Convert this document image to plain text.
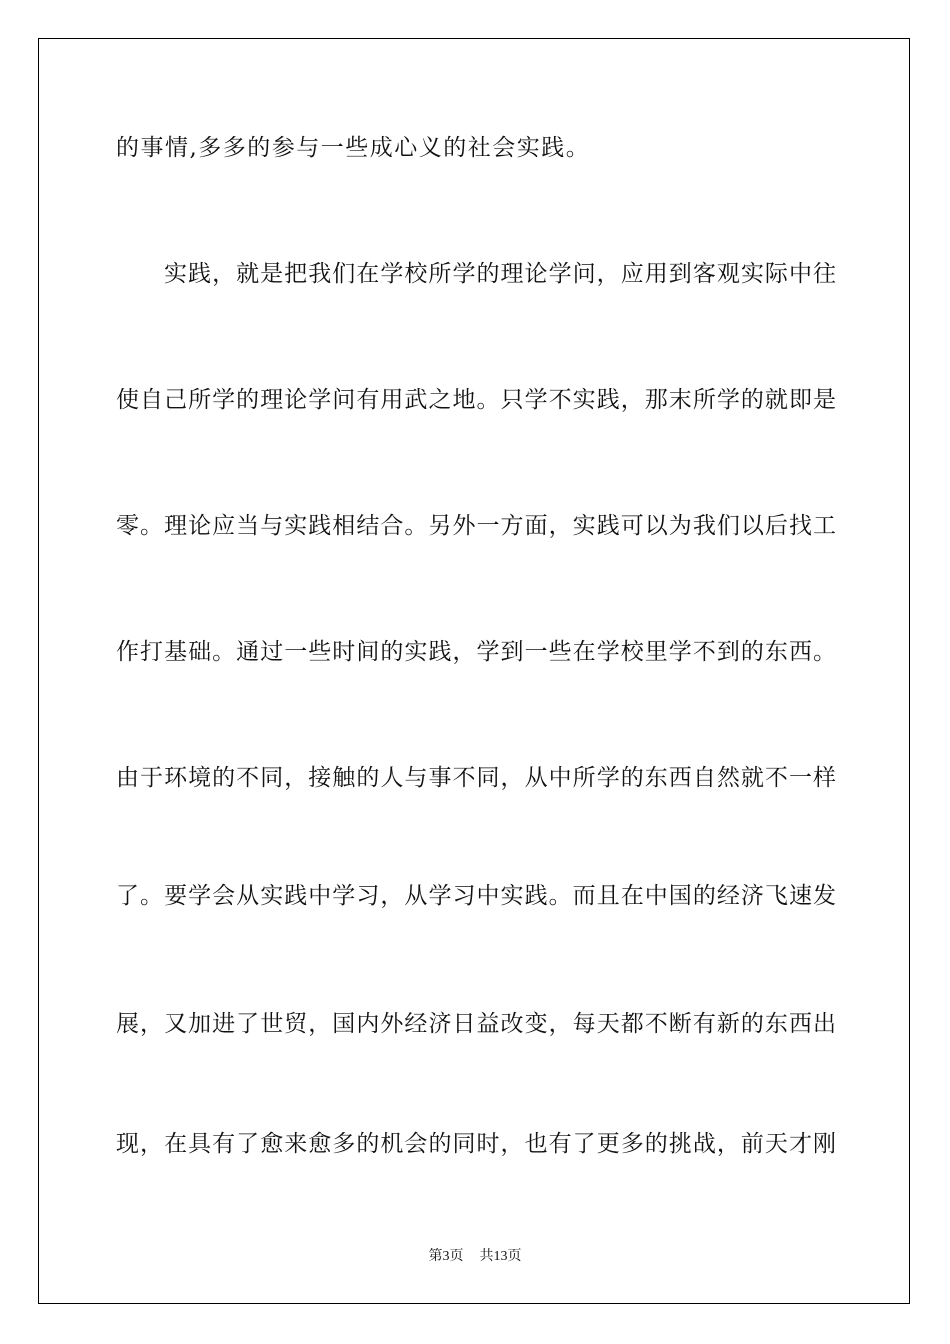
的事情,多多的参与一些成心义的社会实践。
实践，就是把我们在学校所学的理论学问，应用到客观实际中往
使自己所学的理论学问有用武之地。只学不实践，那末所学的就即是
零。理论应当与实践相结合。另外一方面，实践可以为我们以后找工
作打基础。通过一些时间的实践，学到一些在学校里学不到的东西。
由于环境的不同，接触的人与事不同，从中所学的东西自然就不一样
了。要学会从实践中学习，从学习中实践。而且在中国的经济飞速发
展，又加进了世贸，国内外经济日益改变，每天都不断有新的东西出
现，在具有了愈来愈多的机会的同时，也有了更多的挑战，前天才刚
第3页 共13页
